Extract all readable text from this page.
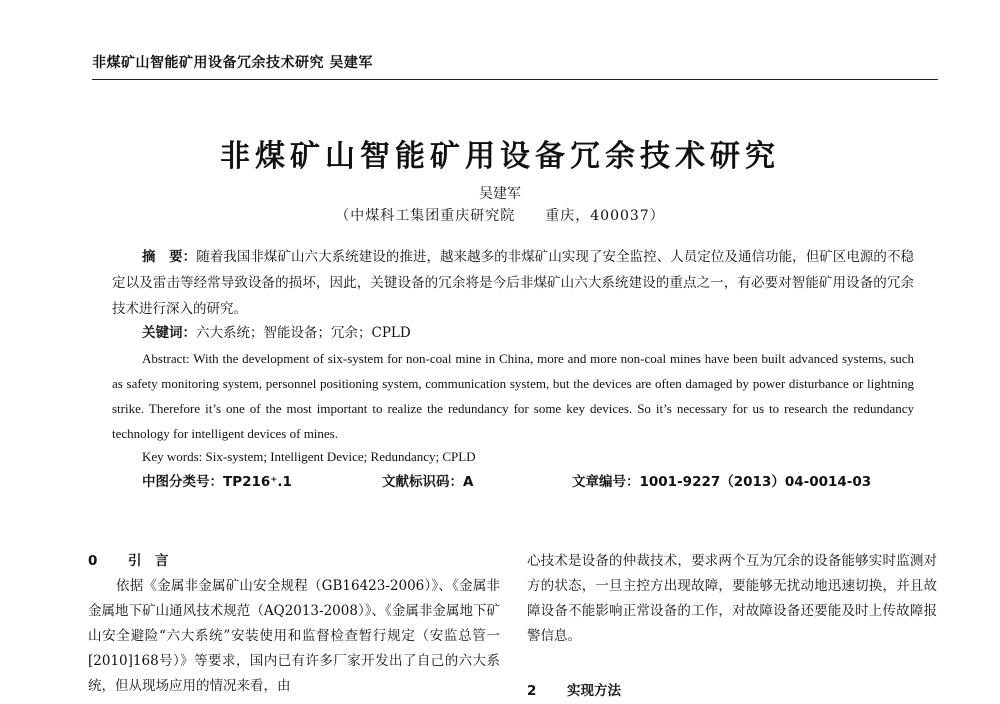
非煤矿山智能矿用设备冗余技术研究 吴建军
非煤矿山智能矿用设备冗余技术研究
吴建军
（中煤科工集团重庆研究院　　重庆，400037）
摘　要：随着我国非煤矿山六大系统建设的推进，越来越多的非煤矿山实现了安全监控、人员定位及通信功能，但矿区电源的不稳定以及雷击等经常导致设备的损坏，因此，关键设备的冗余将是今后非煤矿山六大系统建设的重点之一，有必要对智能矿用设备的冗余技术进行深入的研究。
关键词：六大系统；智能设备；冗余；CPLD
Abstract: With the development of six-system for non-coal mine in China, more and more non-coal mines have been built advanced systems, such as safety monitoring system, personnel positioning system, communication system, but the devices are often damaged by power disturbance or lightning strike. Therefore it’s one of the most important to realize the redundancy for some key devices. So it’s necessary for us to research the redundancy technology for intelligent devices of mines.
Key words: Six-system; Intelligent Device; Redundancy; CPLD
中图分类号：TP216⁺.1	文献标识码：A	文章编号：1001-9227（2013）04-0014-03
0 引　言
依据《金属非金属矿山安全规程（GB16423-2006）》、《金属非金属地下矿山通风技术规范（AQ2013-2008）》、《金属非金属地下矿山安全避险“六大系统”安装使用和监督检查暂行规定（安监总管一[2010]168号）》等要求，国内已有许多厂家开发出了自己的六大系统，但从现场应用的情况来看，由
心技术是设备的仲裁技术，要求两个互为冗余的设备能够实时监测对方的状态，一旦主控方出现故障，要能够无扰动地迅速切换，并且故障设备不能影响正常设备的工作，对故障设备还要能及时上传故障报警信息。
2 实现方法
